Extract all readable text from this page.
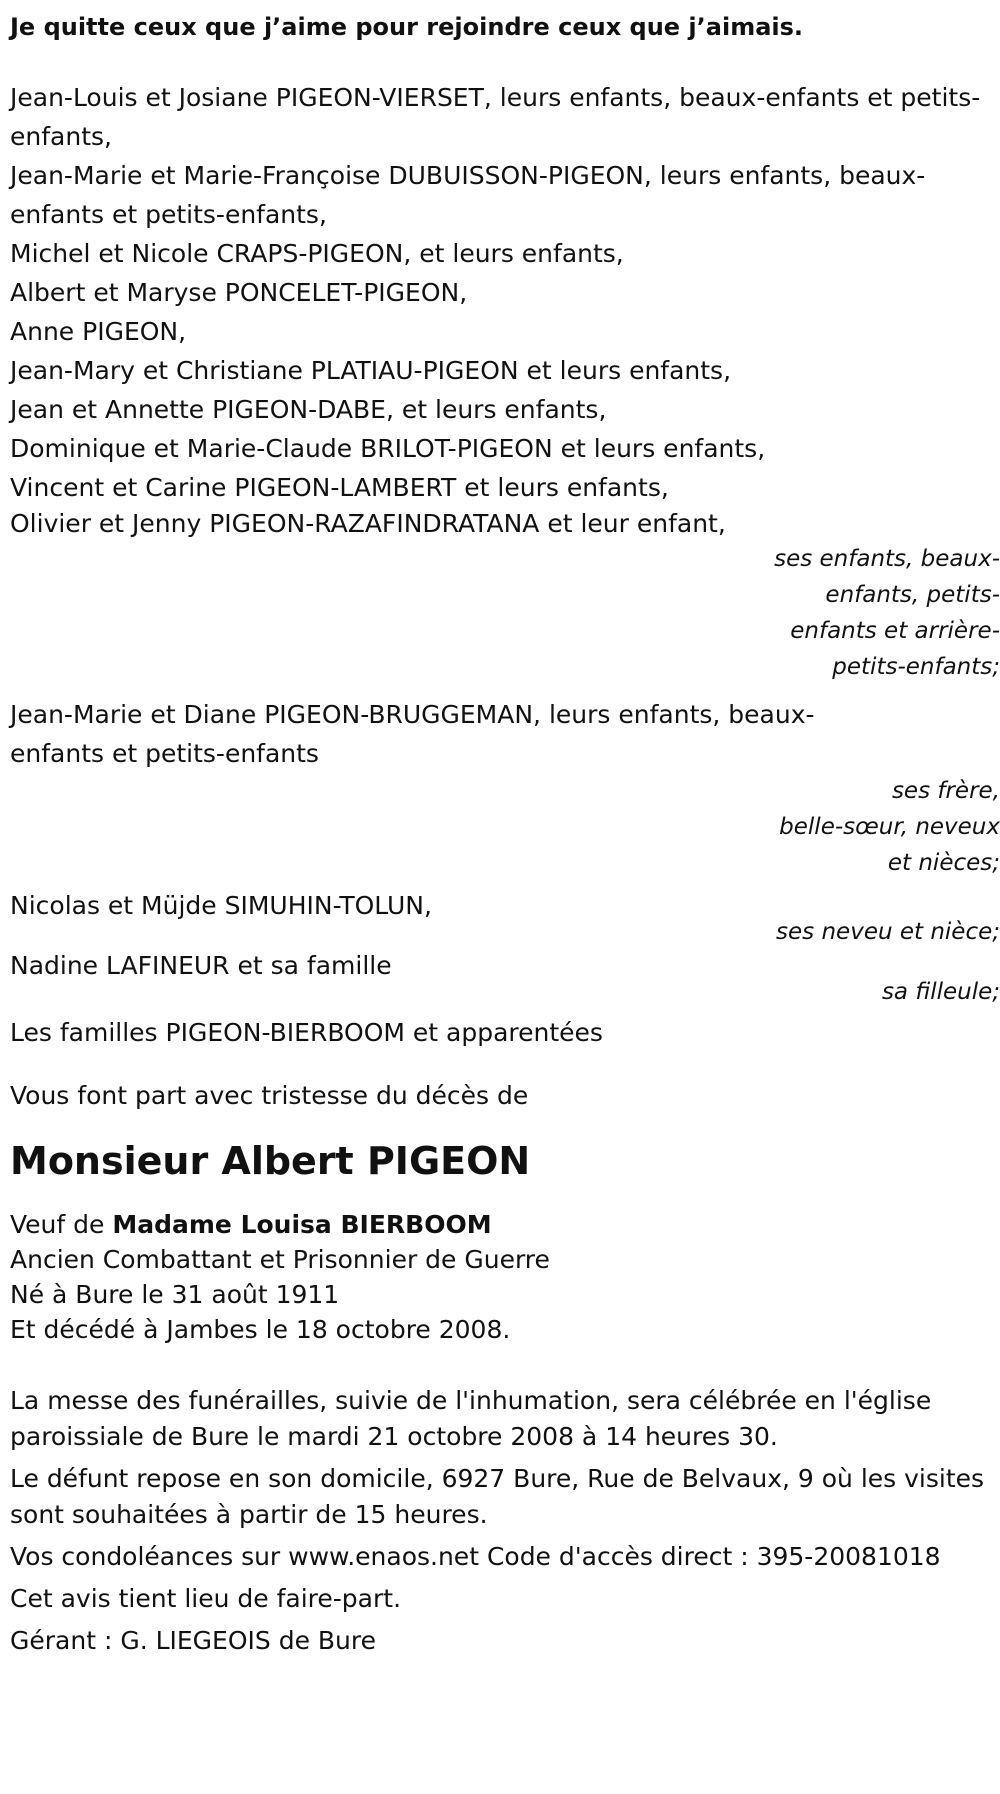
Je quitte ceux que j’aime pour rejoindre ceux que j’aimais.
Jean-Louis et Josiane PIGEON-VIERSET, leurs enfants, beaux-enfants et petits-enfants,
Jean-Marie et Marie-Françoise DUBUISSON-PIGEON, leurs enfants, beaux-enfants et petits-enfants,
Michel et Nicole CRAPS-PIGEON, et leurs enfants,
Albert et Maryse PONCELET-PIGEON,
Anne PIGEON,
Jean-Mary et Christiane PLATIAU-PIGEON et leurs enfants,
Jean et Annette PIGEON-DABE, et leurs enfants,
Dominique et Marie-Claude BRILOT-PIGEON et leurs enfants,
Vincent et Carine PIGEON-LAMBERT et leurs enfants,
Olivier et Jenny PIGEON-RAZAFINDRATANA et leur enfant,
ses enfants, beaux-
enfants, petits-
enfants et arrière-
petits-enfants;
Jean-Marie et Diane PIGEON-BRUGGEMAN, leurs enfants, beaux-enfants et petits-enfants
ses frère,
belle-sœur, neveux
et nièces;
Nicolas et Müjde SIMUHIN-TOLUN,
ses neveu et nièce;
Nadine LAFINEUR et sa famille
sa filleule;
Les familles PIGEON-BIERBOOM et apparentées
Vous font part avec tristesse du décès de
Monsieur Albert PIGEON
Veuf de Madame Louisa BIERBOOM
Ancien Combattant et Prisonnier de Guerre
Né à Bure le 31 août 1911
Et décédé à Jambes le 18 octobre 2008.
La messe des funérailles, suivie de l'inhumation, sera célébrée en l'église paroissiale de Bure le mardi 21 octobre 2008 à 14 heures 30.
Le défunt repose en son domicile, 6927 Bure, Rue de Belvaux, 9 où les visites sont souhaitées à partir de 15 heures.
Vos condoléances sur www.enaos.net Code d'accès direct : 395-20081018
Cet avis tient lieu de faire-part.
Gérant : G. LIEGEOIS de Bure
